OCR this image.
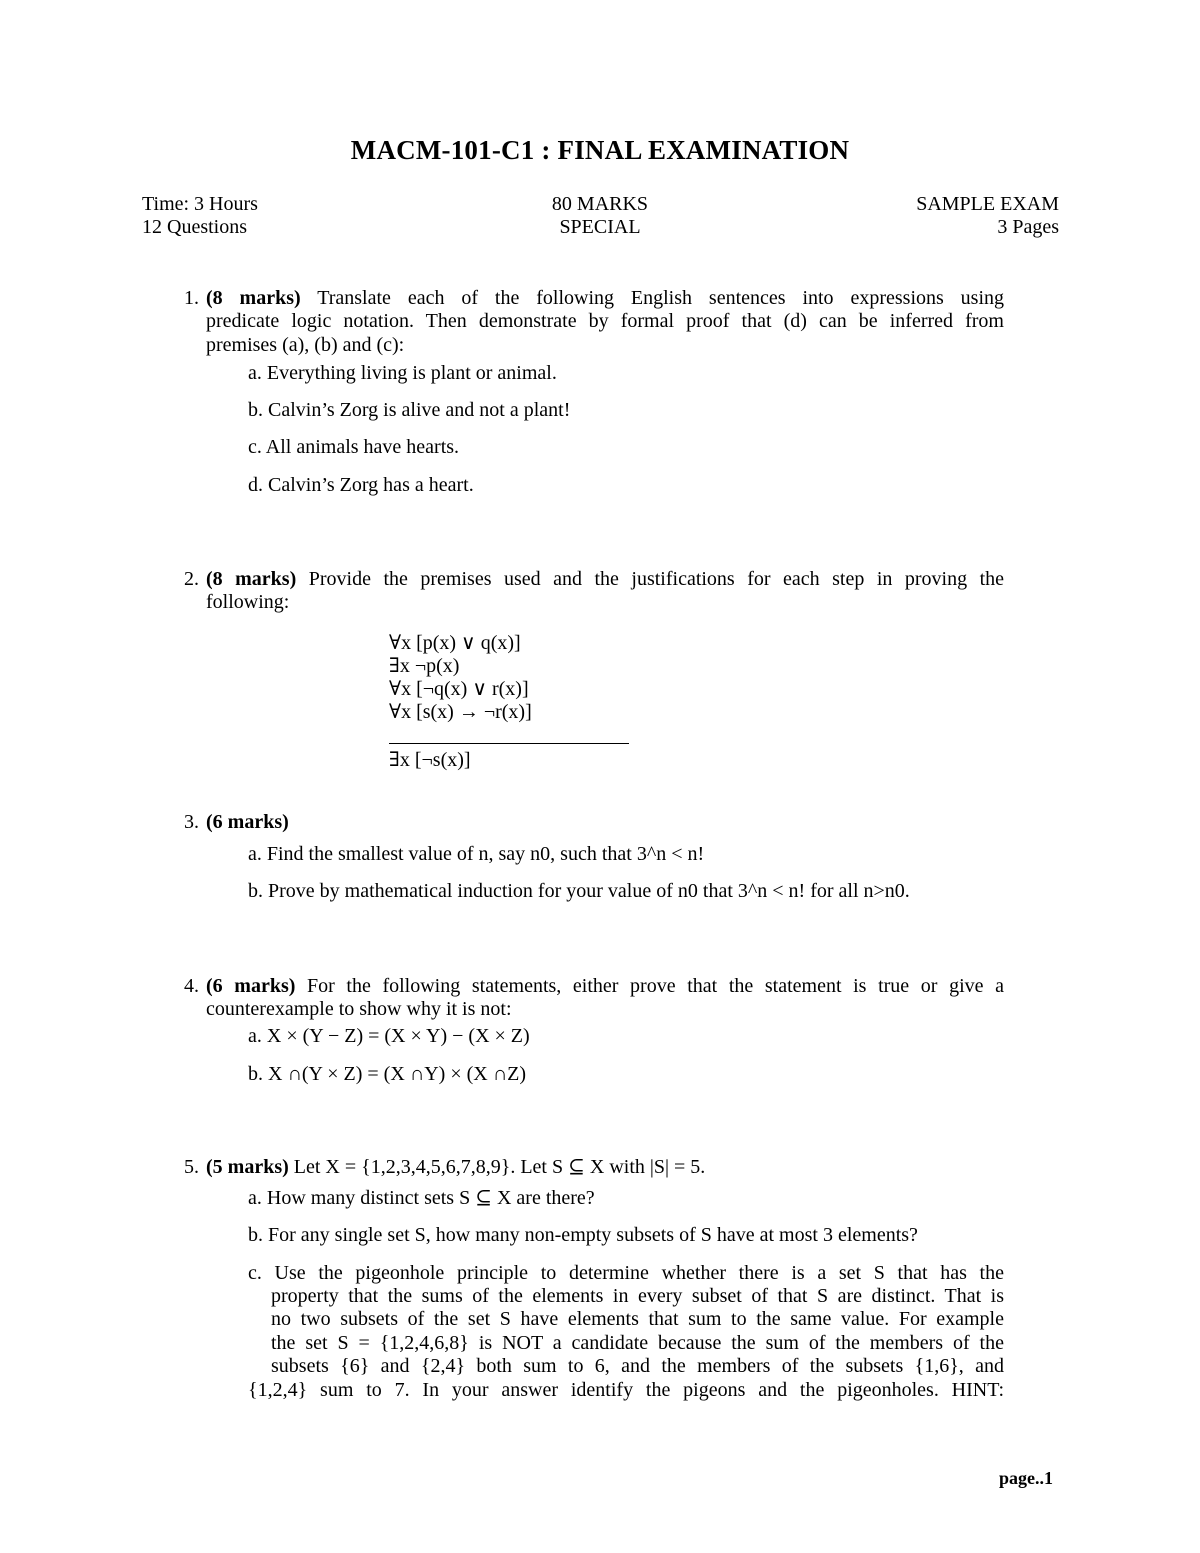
MACM-101-C1 : FINAL EXAMINATION
Time: 3 Hours	80 MARKS	SAMPLE EXAM
12 Questions	SPECIAL	3 Pages
1. (8 marks) Translate each of the following English sentences into expressions using
predicate logic notation. Then demonstrate by formal proof that (d) can be inferred from
premises (a), (b) and (c):
a. Everything living is plant or animal.
b. Calvin’s Zorg is alive and not a plant!
c. All animals have hearts.
d. Calvin’s Zorg has a heart.
2. (8 marks) Provide the premises used and the justifications for each step in proving the
following:
∀x [p(x) ∨ q(x)]
∃x ¬p(x)
∀x [¬q(x) ∨ r(x)]
∀x [s(x) → ¬r(x)]
∃x [¬s(x)]
3. (6 marks)
a. Find the smallest value of n, say n0, such that 3^n < n!
b. Prove by mathematical induction for your value of n0 that 3^n < n! for all n>n0.
4. (6 marks) For the following statements, either prove that the statement is true or give a
counterexample to show why it is not:
a. X × (Y − Z) = (X × Y) − (X × Z)
b. X ∩(Y × Z) = (X ∩Y) × (X ∩Z)
5. (5 marks) Let X = {1,2,3,4,5,6,7,8,9}. Let S ⊆ X with |S| = 5.
a. How many distinct sets S ⊆ X are there?
b. For any single set S, how many non-empty subsets of S have at most 3 elements?
c. Use the pigeonhole principle to determine whether there is a set S that has the
property that the sums of the elements in every subset of that S are distinct. That is
no two subsets of the set S have elements that sum to the same value. For example
the set S = {1,2,4,6,8} is NOT a candidate because the sum of the members of the
subsets {6} and {2,4} both sum to 6, and the members of the subsets {1,6}, and
{1,2,4} sum to 7. In your answer identify the pigeons and the pigeonholes. HINT:
page..1
